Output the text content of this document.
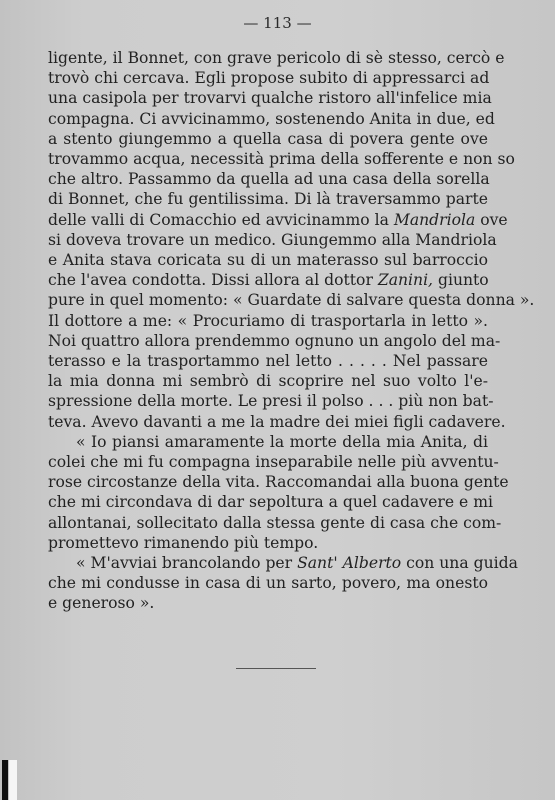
— 113 —
ligente, il Bonnet, con grave pericolo di sè stesso, cercò e
trovò chi cercava. Egli propose subito di appressarci ad
una casipola per trovarvi qualche ristoro all'infelice mia
compagna. Ci avvicinammo, sostenendo Anita in due, ed
a stento giungemmo a quella casa di povera gente ove
trovammo acqua, necessità prima della sofferente e non so
che altro. Passammo da quella ad una casa della sorella
di Bonnet, che fu gentilissima. Di là traversammo parte
delle valli di Comacchio ed avvicinammo la Mandriola ove
si doveva trovare un medico. Giungemmo alla Mandriola
e Anita stava coricata su di un materasso sul barroccio
che l'avea condotta. Dissi allora al dottor Zanini, giunto
pure in quel momento: « Guardate di salvare questa donna ».
Il dottore a me: « Procuriamo di trasportarla in letto ».
Noi quattro allora prendemmo ognuno un angolo del ma-
terasso e la trasportammo nel letto . . . . . Nel passare
la mia donna mi sembrò di scoprire nel suo volto l'e-
spressione della morte. Le presi il polso . . . più non bat-
teva. Avevo davanti a me la madre dei miei figli cadavere.
« Io piansi amaramente la morte della mia Anita, di
colei che mi fu compagna inseparabile nelle più avventu-
rose circostanze della vita. Raccomandai alla buona gente
che mi circondava di dar sepoltura a quel cadavere e mi
allontanai, sollecitato dalla stessa gente di casa che com-
promettevo rimanendo più tempo.
« M'avviai brancolando per Sant' Alberto con una guida
che mi condusse in casa di un sarto, povero, ma onesto
e generoso ».
